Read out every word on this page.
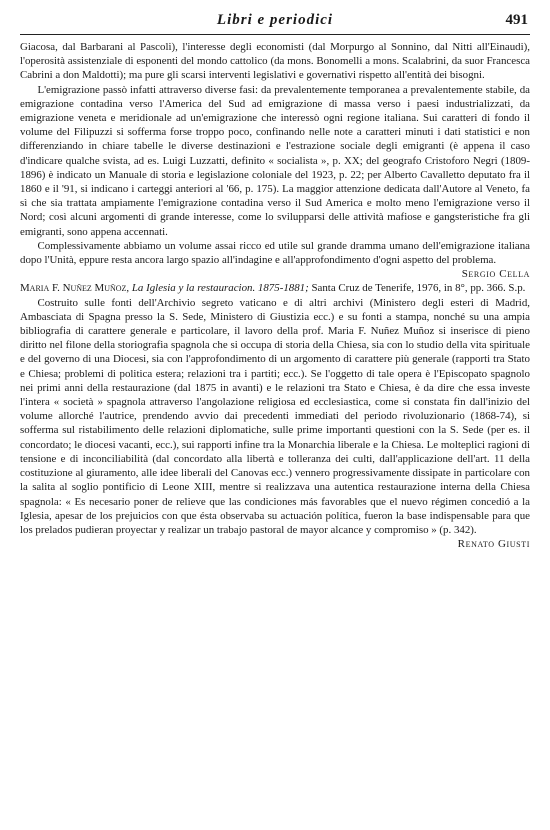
Libri e periodici	491

Giacosa, dal Barbarani al Pascoli), l'interesse degli economisti (dal Morpurgo al Sonnino, dal Nitti all'Einaudi), l'operosità assistenziale di esponenti del mondo cattolico (da mons. Bonomelli a mons. Scalabrini, da suor Francesca Cabrini a don Maldotti); ma pure gli scarsi interventi legislativi e governativi rispetto all'entità dei bisogni.

L'emigrazione passò infatti attraverso diverse fasi: da prevalentemente temporanea a prevalentemente stabile, da emigrazione contadina verso l'America del Sud ad emigrazione di massa verso i paesi industrializzati, da emigrazione veneta e meridionale ad un'emigrazione che interessò ogni regione italiana. Sui caratteri di fondo il volume del Filipuzzi si sofferma forse troppo poco, confinando nelle note a caratteri minuti i dati statistici e non differenziando in chiare tabelle le diverse destinazioni e l'estrazione sociale degli emigranti (è appena il caso d'indicare qualche svista, ad es. Luigi Luzzatti, definito « socialista », p. XX; del geografo Cristoforo Negri (1809-1896) è indicato un Manuale di storia e legislazione coloniale del 1923, p. 22; per Alberto Cavalletto deputato fra il 1860 e il '91, si indicano i carteggi anteriori al '66, p. 175). La maggior attenzione dedicata dall'Autore al Veneto, fa sì che sia trattata ampiamente l'emigrazione contadina verso il Sud America e molto meno l'emigrazione verso il Nord; così alcuni argomenti di grande interesse, come lo svilupparsi delle attività mafiose e gangsteristiche fra gli emigranti, sono appena accennati.

Complessivamente abbiamo un volume assai ricco ed utile sul grande dramma umano dell'emigrazione italiana dopo l'Unità, eppure resta ancora largo spazio all'indagine e all'approfondimento d'ogni aspetto del problema.

Sergio Cella

Maria F. Nuñez Muñoz, La Iglesia y la restauracion. 1875-1881; Santa Cruz de Tenerife, 1976, in 8°, pp. 366. S.p.

Costruito sulle fonti dell'Archivio segreto vaticano e di altri archivi (Ministero degli esteri di Madrid, Ambasciata di Spagna presso la S. Sede, Ministero di Giustizia ecc.) e su fonti a stampa, nonché su una ampia bibliografia di carattere generale e particolare, il lavoro della prof. Maria F. Nuñez Muñoz si inserisce di pieno diritto nel filone della storiografia spagnola che si occupa di storia della Chiesa, sia con lo studio della vita spirituale e del governo di una Diocesi, sia con l'approfondimento di un argomento di carattere più generale (rapporti tra Stato e Chiesa; problemi di politica estera; relazioni tra i partiti; ecc.). Se l'oggetto di tale opera è l'Episcopato spagnolo nei primi anni della restaurazione (dal 1875 in avanti) e le relazioni tra Stato e Chiesa, è da dire che essa investe l'intera « società » spagnola attraverso l'angolazione religiosa ed ecclesiastica, come si constata fin dall'inizio del volume allorché l'autrice, prendendo avvio dai precedenti immediati del periodo rivoluzionario (1868-74), si sofferma sul ristabilimento delle relazioni diplomatiche, sulle prime importanti questioni con la S. Sede (per es. il concordato; le diocesi vacanti, ecc.), sui rapporti infine tra la Monarchia liberale e la Chiesa. Le molteplici ragioni di tensione e di inconciliabilità (dal concordato alla libertà e tolleranza dei culti, dall'applicazione dell'art. 11 della costituzione al giuramento, alle idee liberali del Canovas ecc.) vennero progressivamente dissipate in particolare con la salita al soglio pontificio di Leone XIII, mentre si realizzava una autentica restaurazione interna della Chiesa spagnola: « Es necesario poner de relieve que las condiciones más favorables que el nuevo régimen concedió a la Iglesia, apesar de los prejuicios con que ésta observaba su actuación política, fueron la base indispensable para que los prelados pudieran proyectar y realizar un trabajo pastoral de mayor alcance y compromiso » (p. 342).

Renato Giusti
